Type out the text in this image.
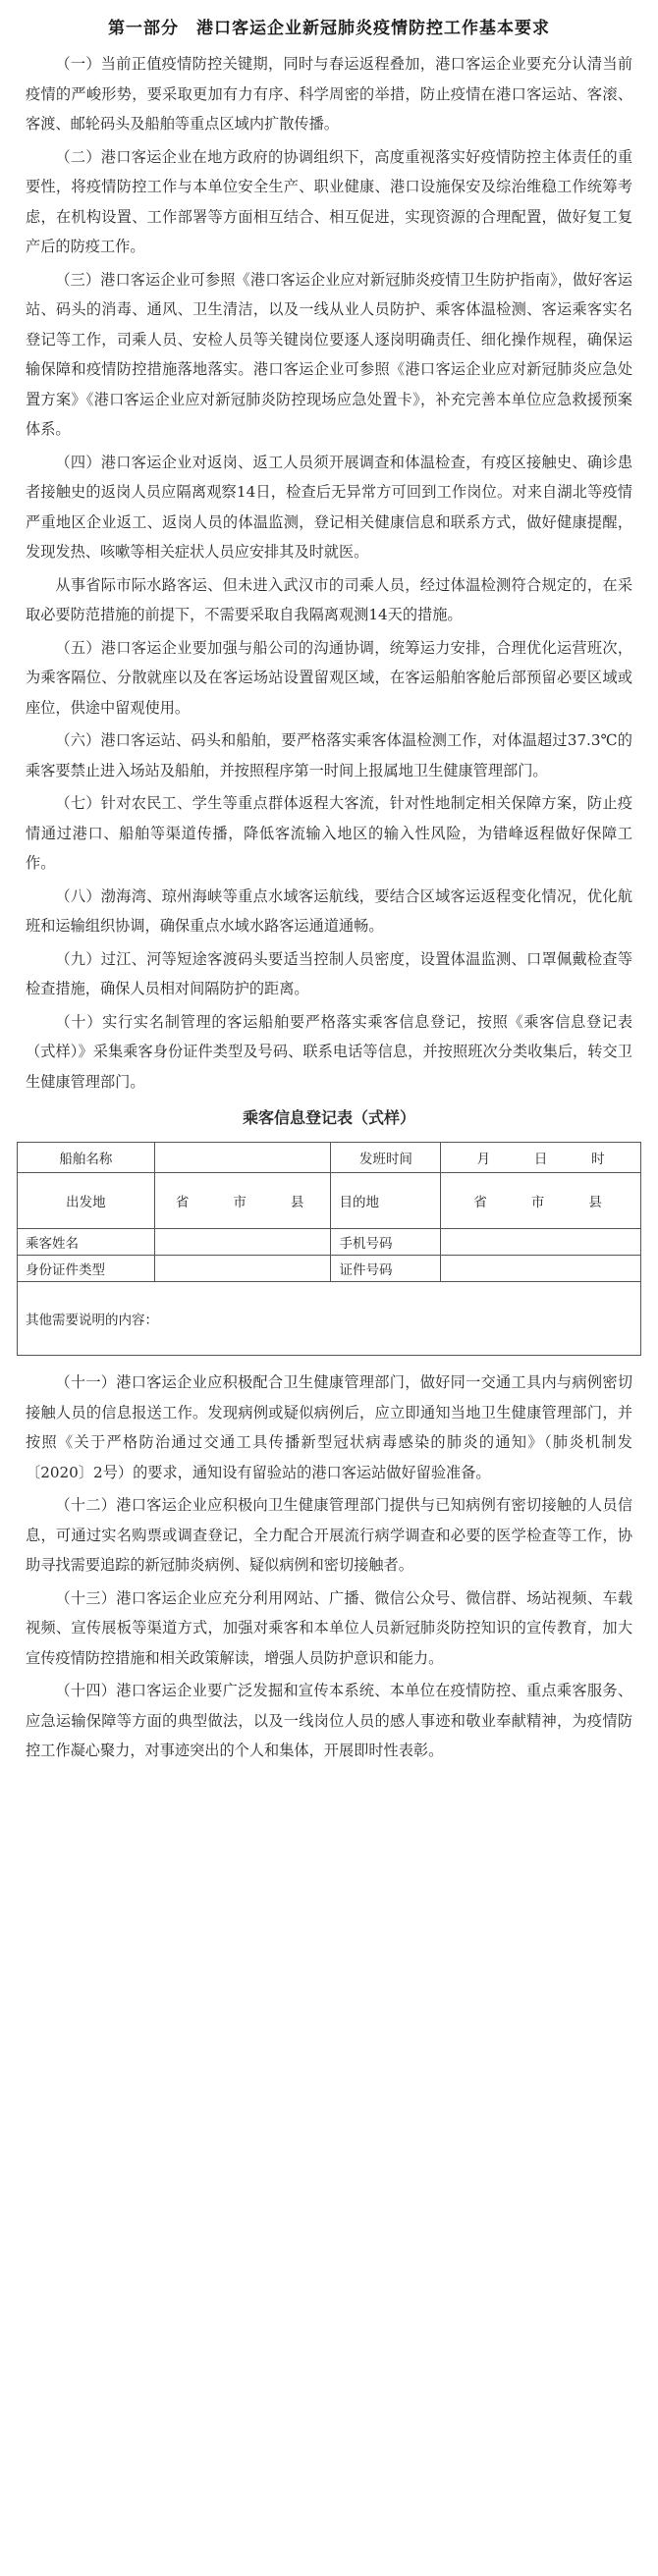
第一部分　港口客运企业新冠肺炎疫情防控工作基本要求

（一）当前正值疫情防控关键期，同时与春运返程叠加，港口客运企业要充分认清当前疫情的严峻形势，要采取更加有力有序、科学周密的举措，防止疫情在港口客运站、客滚、客渡、邮轮码头及船舶等重点区域内扩散传播。

（二）港口客运企业在地方政府的协调组织下，高度重视落实好疫情防控主体责任的重要性，将疫情防控工作与本单位安全生产、职业健康、港口设施保安及综治维稳工作统筹考虑，在机构设置、工作部署等方面相互结合、相互促进，实现资源的合理配置，做好复工复产后的防疫工作。

（三）港口客运企业可参照《港口客运企业应对新冠肺炎疫情卫生防护指南》，做好客运站、码头的消毒、通风、卫生清洁，以及一线从业人员防护、乘客体温检测、客运乘客实名登记等工作，司乘人员、安检人员等关键岗位要逐人逐岗明确责任、细化操作规程，确保运输保障和疫情防控措施落地落实。港口客运企业可参照《港口客运企业应对新冠肺炎应急处置方案》《港口客运企业应对新冠肺炎防控现场应急处置卡》，补充完善本单位应急救援预案体系。

（四）港口客运企业对返岗、返工人员须开展调查和体温检查，有疫区接触史、确诊患者接触史的返岗人员应隔离观察14日，检查后无异常方可回到工作岗位。对来自湖北等疫情严重地区企业返工、返岗人员的体温监测，登记相关健康信息和联系方式，做好健康提醒，发现发热、咳嗽等相关症状人员应安排其及时就医。

从事省际市际水路客运、但未进入武汉市的司乘人员，经过体温检测符合规定的，在采取必要防范措施的前提下，不需要采取自我隔离观测14天的措施。

（五）港口客运企业要加强与船公司的沟通协调，统筹运力安排，合理优化运营班次，为乘客隔位、分散就座以及在客运场站设置留观区域，在客运船舶客舱后部预留必要区域或座位，供途中留观使用。

（六）港口客运站、码头和船舶，要严格落实乘客体温检测工作，对体温超过37.3℃的乘客要禁止进入场站及船舶，并按照程序第一时间上报属地卫生健康管理部门。

（七）针对农民工、学生等重点群体返程大客流，针对性地制定相关保障方案，防止疫情通过港口、船舶等渠道传播，降低客流输入地区的输入性风险，为错峰返程做好保障工作。

（八）渤海湾、琼州海峡等重点水域客运航线，要结合区域客运返程变化情况，优化航班和运输组织协调，确保重点水域水路客运通道通畅。

（九）过江、河等短途客渡码头要适当控制人员密度，设置体温监测、口罩佩戴检查等检查措施，确保人员相对间隔防护的距离。

（十）实行实名制管理的客运船舶要严格落实乘客信息登记，按照《乘客信息登记表（式样）》采集乘客身份证件类型及号码、联系电话等信息，并按照班次分类收集后，转交卫生健康管理部门。

乘客信息登记表（式样）
船舶名称		发班时间	月 日 时

出发地	省　　市　　县	目的地	省　　市　　县
乘客姓名		手机号码	
身份证件类型		证件号码	
其他需要说明的内容：			

（十一）港口客运企业应积极配合卫生健康管理部门，做好同一交通工具内与病例密切接触人员的信息报送工作。发现病例或疑似病例后，应立即通知当地卫生健康管理部门，并按照《关于严格防治通过交通工具传播新型冠状病毒感染的肺炎的通知》（肺炎机制发〔2020〕2号）的要求，通知设有留验站的港口客运站做好留验准备。

（十二）港口客运企业应积极向卫生健康管理部门提供与已知病例有密切接触的人员信息，可通过实名购票或调查登记，全力配合开展流行病学调查和必要的医学检查等工作，协助寻找需要追踪的新冠肺炎病例、疑似病例和密切接触者。

（十三）港口客运企业应充分利用网站、广播、微信公众号、微信群、场站视频、车载视频、宣传展板等渠道方式，加强对乘客和本单位人员新冠肺炎防控知识的宣传教育，加大宣传疫情防控措施和相关政策解读，增强人员防护意识和能力。

（十四）港口客运企业要广泛发掘和宣传本系统、本单位在疫情防控、重点乘客服务、应急运输保障等方面的典型做法，以及一线岗位人员的感人事迹和敬业奉献精神，为疫情防控工作凝心聚力，对事迹突出的个人和集体，开展即时性表彰。
